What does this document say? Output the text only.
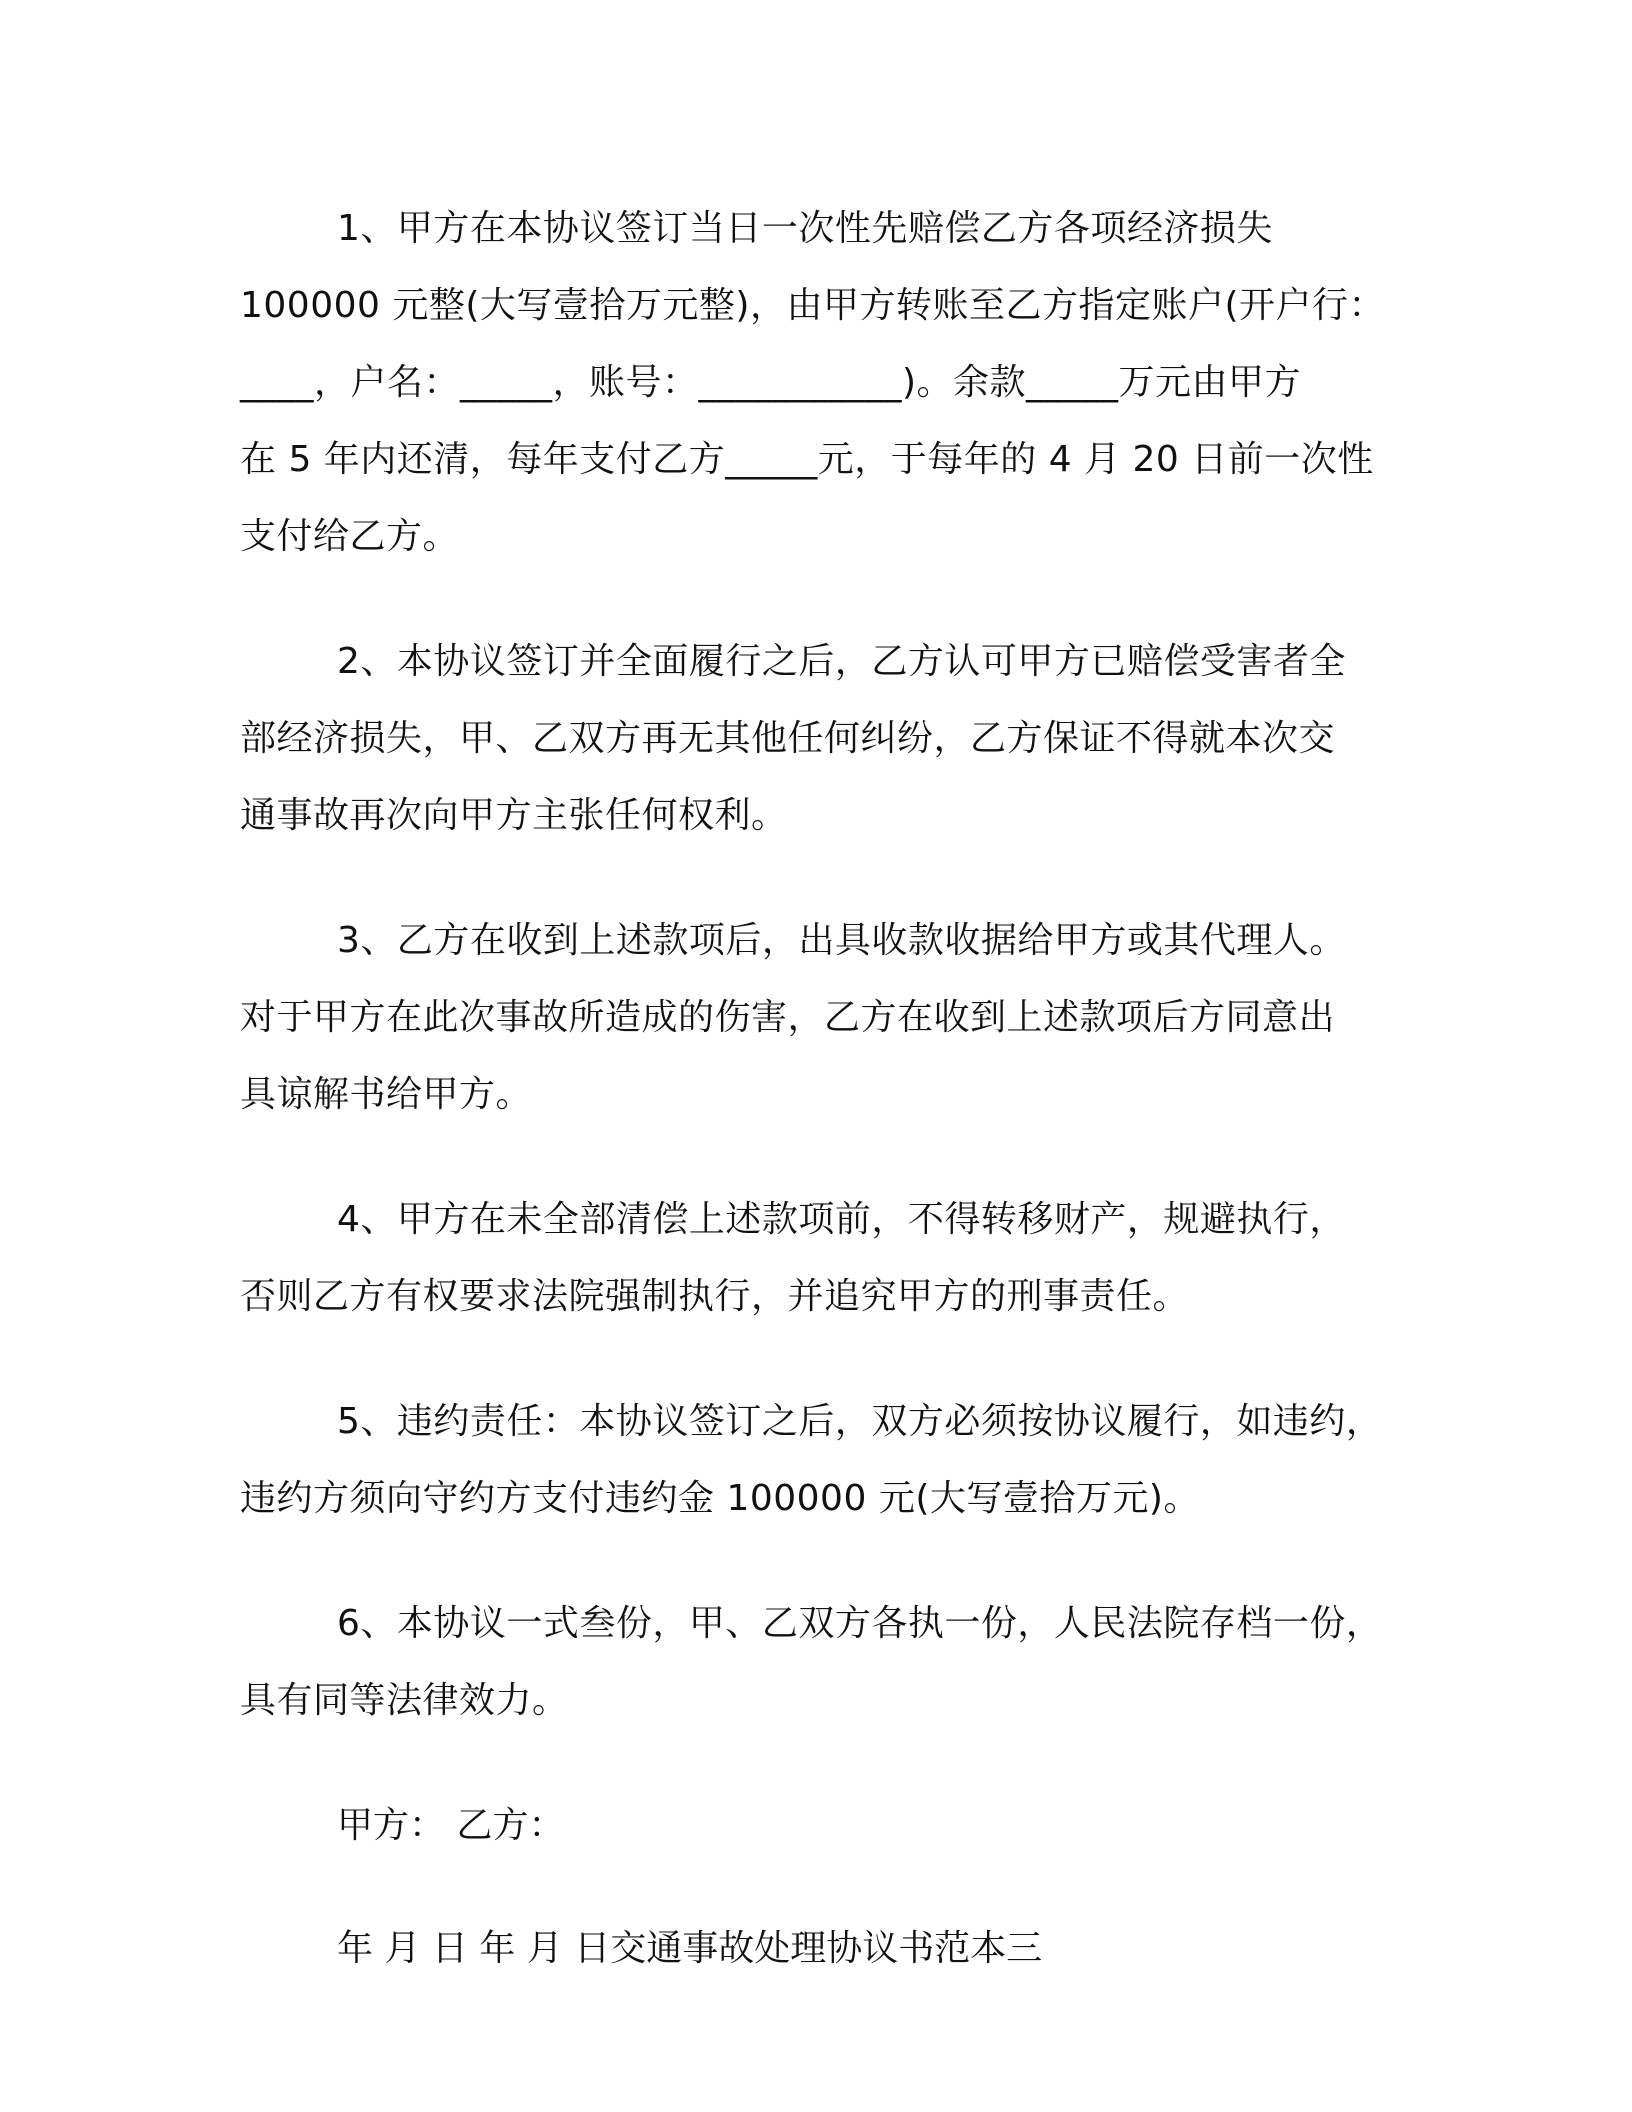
1、甲方在本协议签订当日一次性先赔偿乙方各项经济损失
100000 元整(大写壹拾万元整)，由甲方转账至乙方指定账户(开户行：
____，户名：_____，账号：___________)。余款_____万元由甲方
在 5 年内还清，每年支付乙方_____元，于每年的 4 月 20 日前一次性
支付给乙方。

2、本协议签订并全面履行之后，乙方认可甲方已赔偿受害者全
部经济损失，甲、乙双方再无其他任何纠纷，乙方保证不得就本次交
通事故再次向甲方主张任何权利。

3、乙方在收到上述款项后，出具收款收据给甲方或其代理人。
对于甲方在此次事故所造成的伤害，乙方在收到上述款项后方同意出
具谅解书给甲方。

4、甲方在未全部清偿上述款项前，不得转移财产，规避执行，
否则乙方有权要求法院强制执行，并追究甲方的刑事责任。

5、违约责任：本协议签订之后，双方必须按协议履行，如违约，
违约方须向守约方支付违约金 100000 元(大写壹拾万元)。

6、本协议一式叁份，甲、乙双方各执一份，人民法院存档一份，
具有同等法律效力。

甲方： 乙方：

年 月 日 年 月 日交通事故处理协议书范本三
